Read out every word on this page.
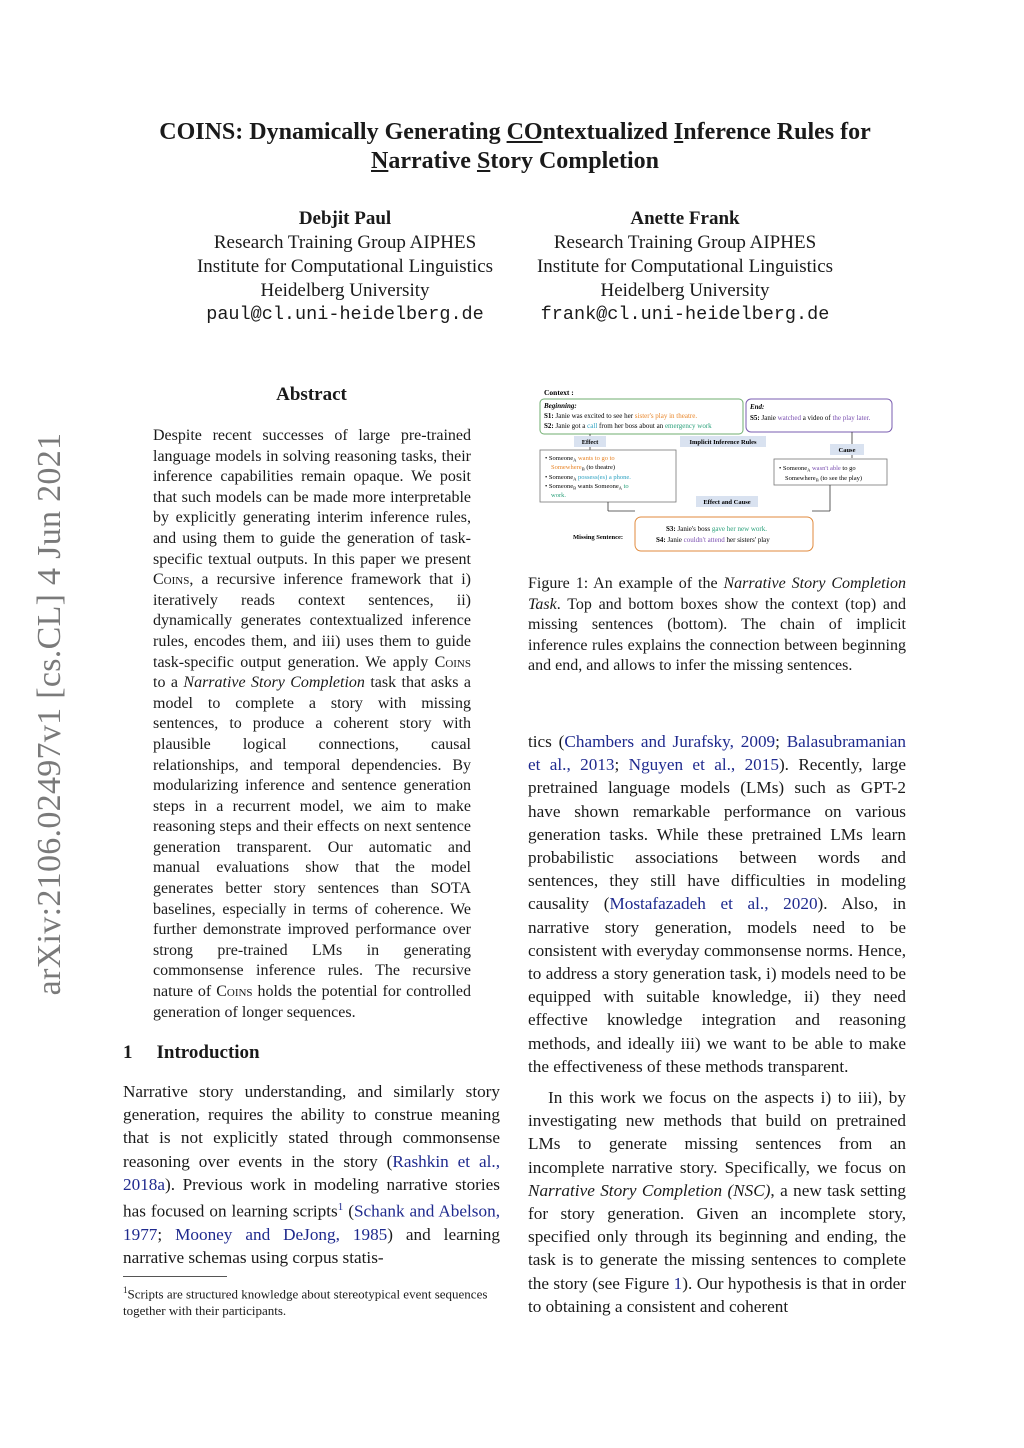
COINS: Dynamically Generating COntextualized Inference Rules for
Narrative Story Completion
Debjit Paul
Research Training Group AIPHES
Institute for Computational Linguistics
Heidelberg University
paul@cl.uni-heidelberg.de
Anette Frank
Research Training Group AIPHES
Institute for Computational Linguistics
Heidelberg University
frank@cl.uni-heidelberg.de
arXiv:2106.02497v1 [cs.CL] 4 Jun 2021
Abstract
Despite recent successes of large pre-trained language models in solving reasoning tasks, their inference capabilities remain opaque. We posit that such models can be made more interpretable by explicitly generating interim inference rules, and using them to guide the generation of task-specific textual outputs. In this paper we present Coins, a recursive inference framework that i) iteratively reads context sentences, ii) dynamically generates contextualized inference rules, encodes them, and iii) uses them to guide task-specific output generation. We apply Coins to a Narrative Story Completion task that asks a model to complete a story with missing sentences, to produce a coherent story with plausible logical connections, causal relationships, and temporal dependencies. By modularizing inference and sentence generation steps in a recurrent model, we aim to make reasoning steps and their effects on next sentence generation transparent. Our automatic and manual evaluations show that the model generates better story sentences than SOTA baselines, especially in terms of coherence. We further demonstrate improved performance over strong pre-trained LMs in generating commonsense inference rules. The recursive nature of Coins holds the potential for controlled generation of longer sequences.
1 Introduction
Narrative story understanding, and similarly story generation, requires the ability to construe meaning that is not explicitly stated through commonsense reasoning over events in the story (Rashkin et al., 2018a). Previous work in modeling narrative stories has focused on learning scripts$^1$ (Schank and Abelson, 1977; Mooney and DeJong, 1985) and learning narrative schemas using corpus statis-
$^1$Scripts are structured knowledge about stereotypical event sequences together with their participants.
Context :
Beginning:
S1: Janie was excited to see her sister's play in theatre.
S2: Janie got a call from her boss about an emergency work
End:
S5: Janie watched a video of the play later.
Effect	Implicit Inference Rules
• Someone$_A$ wants to go to
Somewhere$_B$ (to theatre)
• Someone$_A$ possess(es) a phone.
• Someone$_B$ wants Someone$_A$ to
work.
Cause
• Someone$_A$ wasn't able to go
Somewhere$_B$ (to see the play)
Effect and Cause
Missing Sentence:
S3: Janie's boss gave her new work.
S4: Janie couldn't attend her sisters' play
Figure 1: An example of the Narrative Story Completion Task. Top and bottom boxes show the context (top) and missing sentences (bottom). The chain of implicit inference rules explains the connection between beginning and end, and allows to infer the missing sentences.

tics (Chambers and Jurafsky, 2009; Balasubramanian et al., 2013; Nguyen et al., 2015). Recently, large pretrained language models (LMs) such as GPT-2 have shown remarkable performance on various generation tasks. While these pretrained LMs learn probabilistic associations between words and sentences, they still have difficulties in modeling causality (Mostafazadeh et al., 2020). Also, in narrative story generation, models need to be consistent with everyday commonsense norms. Hence, to address a story generation task, i) models need to be equipped with suitable knowledge, ii) they need effective knowledge integration and reasoning methods, and ideally iii) we want to be able to make the effectiveness of these methods transparent.

In this work we focus on the aspects i) to iii), by investigating new methods that build on pretrained LMs to generate missing sentences from an incomplete narrative story. Specifically, we focus on Narrative Story Completion (NSC), a new task setting for story generation. Given an incomplete story, specified only through its beginning and ending, the task is to generate the missing sentences to complete the story (see Figure 1). Our hypothesis is that in order to obtaining a consistent and coherent
